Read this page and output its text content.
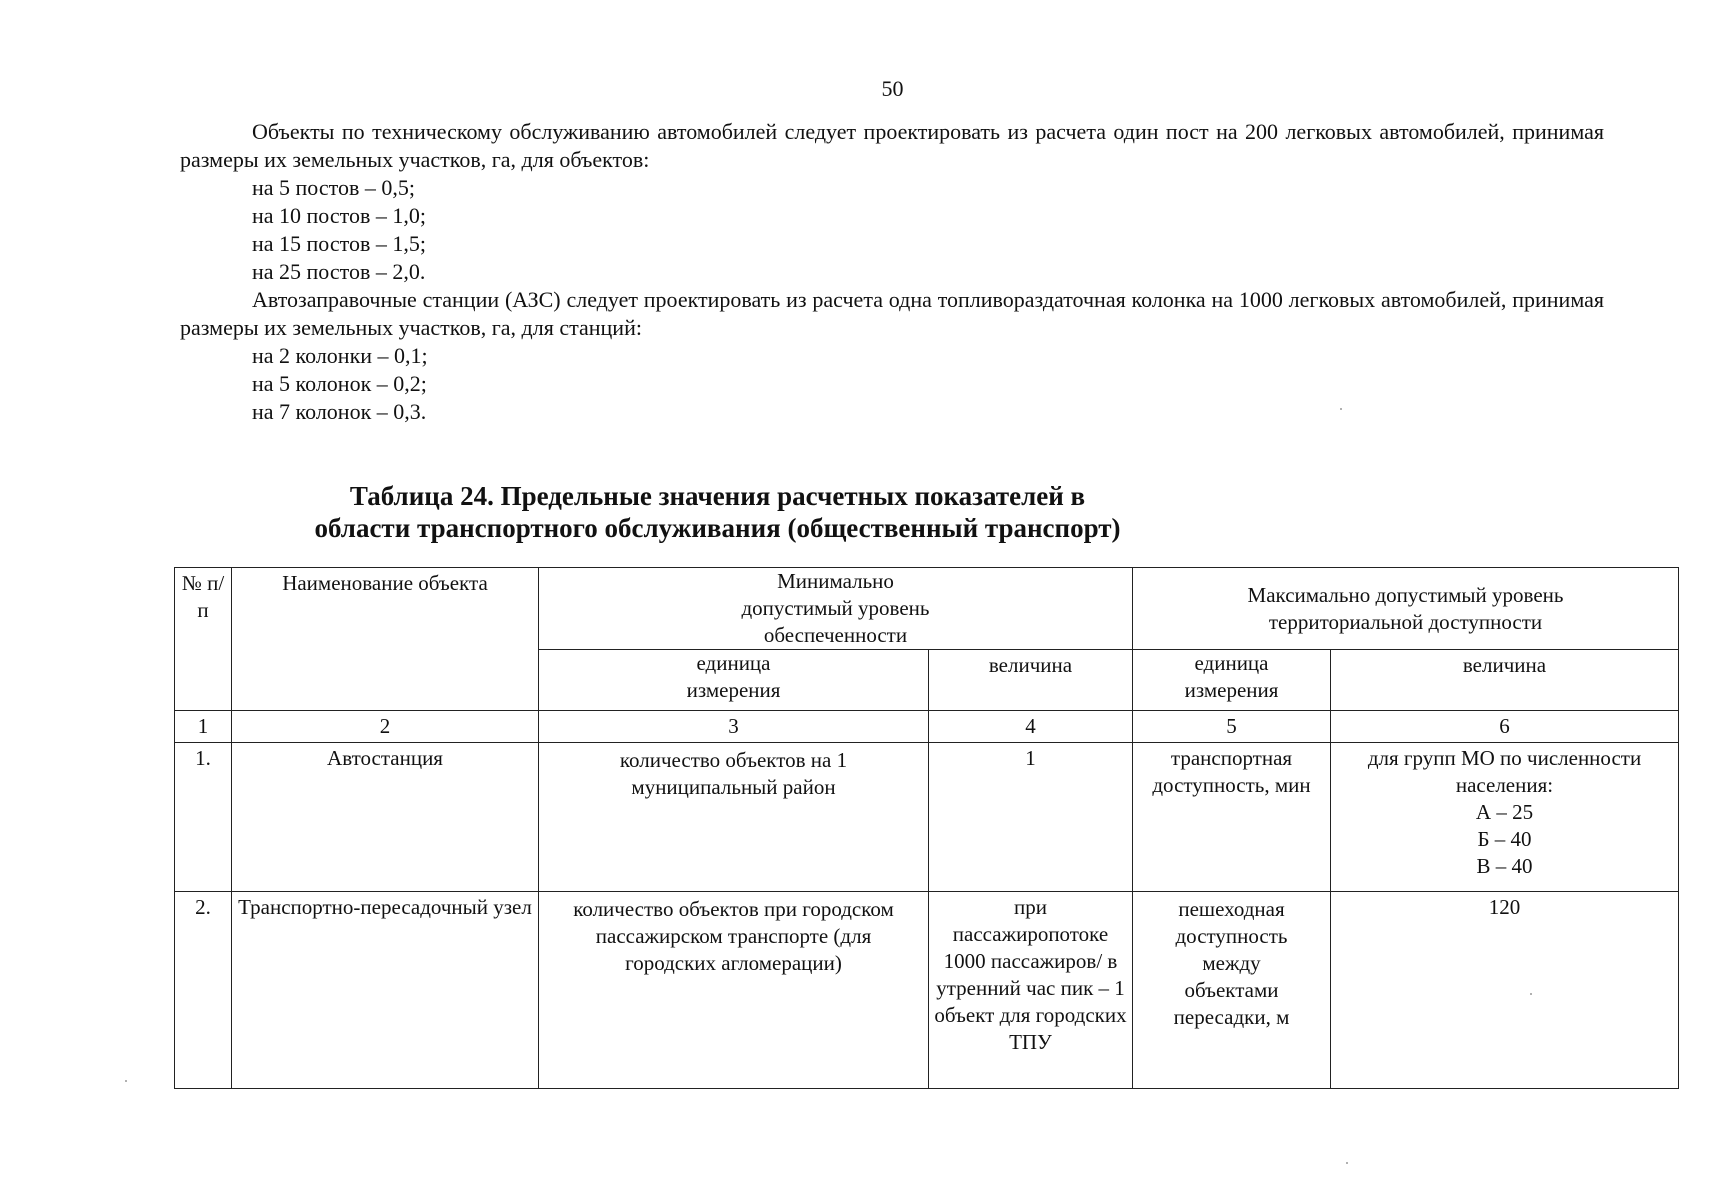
50

Объекты по техническому обслуживанию автомобилей следует проектировать из расчета один пост на 200 легковых автомобилей, принимая размеры их земельных участков, га, для объектов:

на 5 постов – 0,5;

на 10 постов – 1,0;

на 15 постов – 1,5;

на 25 постов – 2,0.

Автозаправочные станции (АЗС) следует проектировать из расчета одна топливораздаточная колонка на 1000 легковых автомобилей, принимая размеры их земельных участков, га, для станций:

на 2 колонки – 0,1;

на 5 колонок – 0,2;

на 7 колонок – 0,3.

Таблица 24. Предельные значения расчетных показателей в
области транспортного обслуживания (общественный транспорт)
№ п/п	Наименование объекта	Минимально допустимый уровень обеспеченности		Максимально допустимый уровень территориальной доступности	
		единица измерения	величина	единица измерения	величина
1	2	3	4	5	6
1.	Автостанция	количество объектов на 1 муниципальный район	1	транспортная доступность, мин	для групп МО по численности населения:
А – 25
Б – 40
В – 40

2.	Транспортно-пересадочный узел	количество объектов при городском пассажирском транспорте (для городских агломерации)	при пассажиропотоке 1000 пассажиров/ в утренний час пик – 1 объект для городских ТПУ	пешеходная доступность между объектами пересадки, м	120
